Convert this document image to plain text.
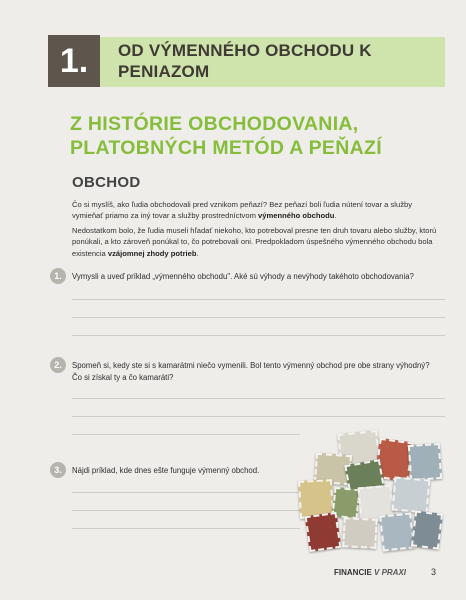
1.	OD VÝMENNÉHO OBCHODU K PENIAZOM
Z HISTÓRIE OBCHODOVANIA, PLATOBNÝCH METÓD A PEŇAZÍ
OBCHOD
Čo si myslíš, ako ľudia obchodovali pred vznikom peňazí? Bez peňazí boli ľudia nútení tovar a služby vymieňať priamo za iný tovar a služby prostredníctvom výmenného obchodu.
Nedostatkom bolo, že ľudia museli hľadať niekoho, kto potreboval presne ten druh tovaru alebo služby, ktorú ponúkali, a kto zároveň ponúkal to, čo potrebovali oni. Predpokladom úspešného výmenného obchodu bola existencia vzájomnej zhody potrieb.
1.	Vymysli a uveď príklad „výmenného obchodu". Aké sú výhody a nevýhody takéhoto obchodovania?
2.	Spomeň si, kedy ste si s kamarátmi niečo vymenili. Bol tento výmenný obchod pre obe strany výhodný? Čo si získal ty a čo kamaráti?
3.	Nájdi príklad, kde dnes ešte funguje výmenný obchod.
FINANCIE V PRAXI	3
